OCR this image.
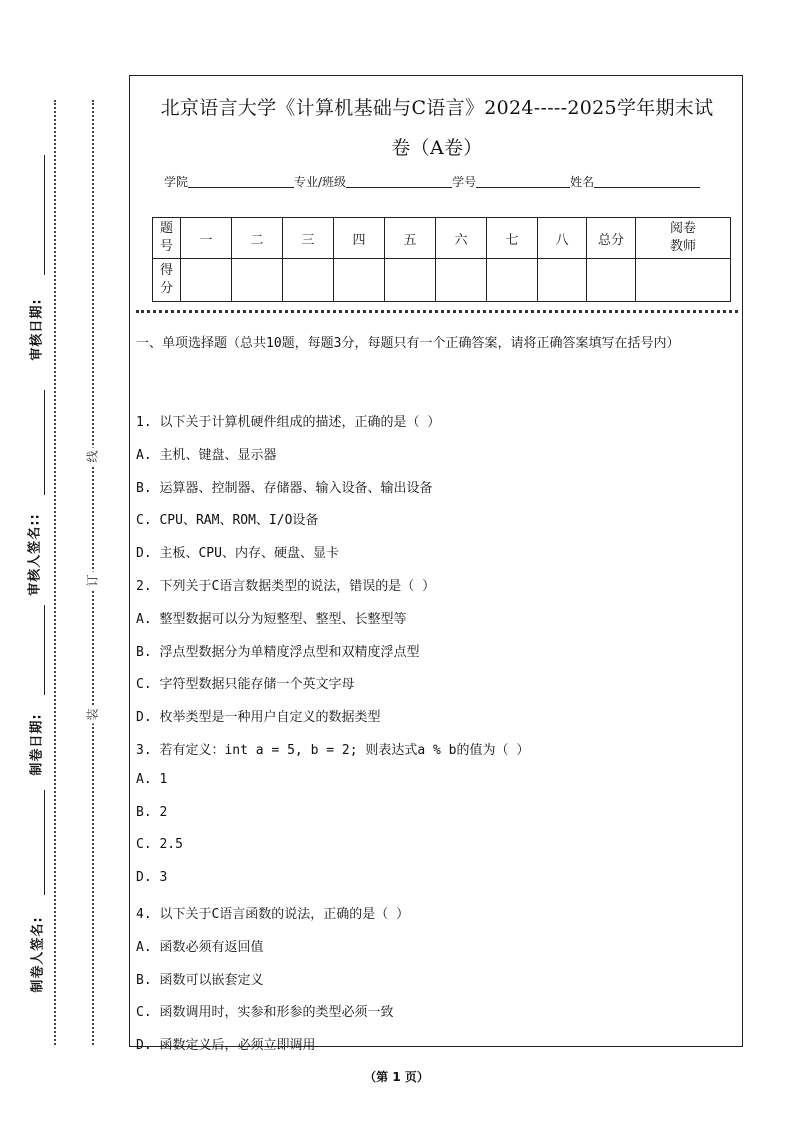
审核日期:
审核人签名::
制卷日期:
制卷人签名:
线
订
装
北京语言大学《计算机基础与C语言》2024-----2025学年期末试
卷（A卷）
学院	专业/班级	学号	姓名
题号	一	二	三	四	五	六	七	八	总分	阅卷教师

得分										

一、单项选择题（总共10题，每题3分，每题只有一个正确答案，请将正确答案填写在括号内）

1. 以下关于计算机硬件组成的描述，正确的是（ ）
A. 主机、键盘、显示器
B. 运算器、控制器、存储器、输入设备、输出设备
C. CPU、RAM、ROM、I/O设备
D. 主板、CPU、内存、硬盘、显卡
2. 下列关于C语言数据类型的说法，错误的是（ ）
A. 整型数据可以分为短整型、整型、长整型等
B. 浮点型数据分为单精度浮点型和双精度浮点型
C. 字符型数据只能存储一个英文字母
D. 枚举类型是一种用户自定义的数据类型
3. 若有定义：int a = 5, b = 2; 则表达式a % b的值为（ ）
A. 1
B. 2
C. 2.5
D. 3
4. 以下关于C语言函数的说法，正确的是（ ）
A. 函数必须有返回值
B. 函数可以嵌套定义
C. 函数调用时，实参和形参的类型必须一致
D. 函数定义后，必须立即调用
（第 1 页）
